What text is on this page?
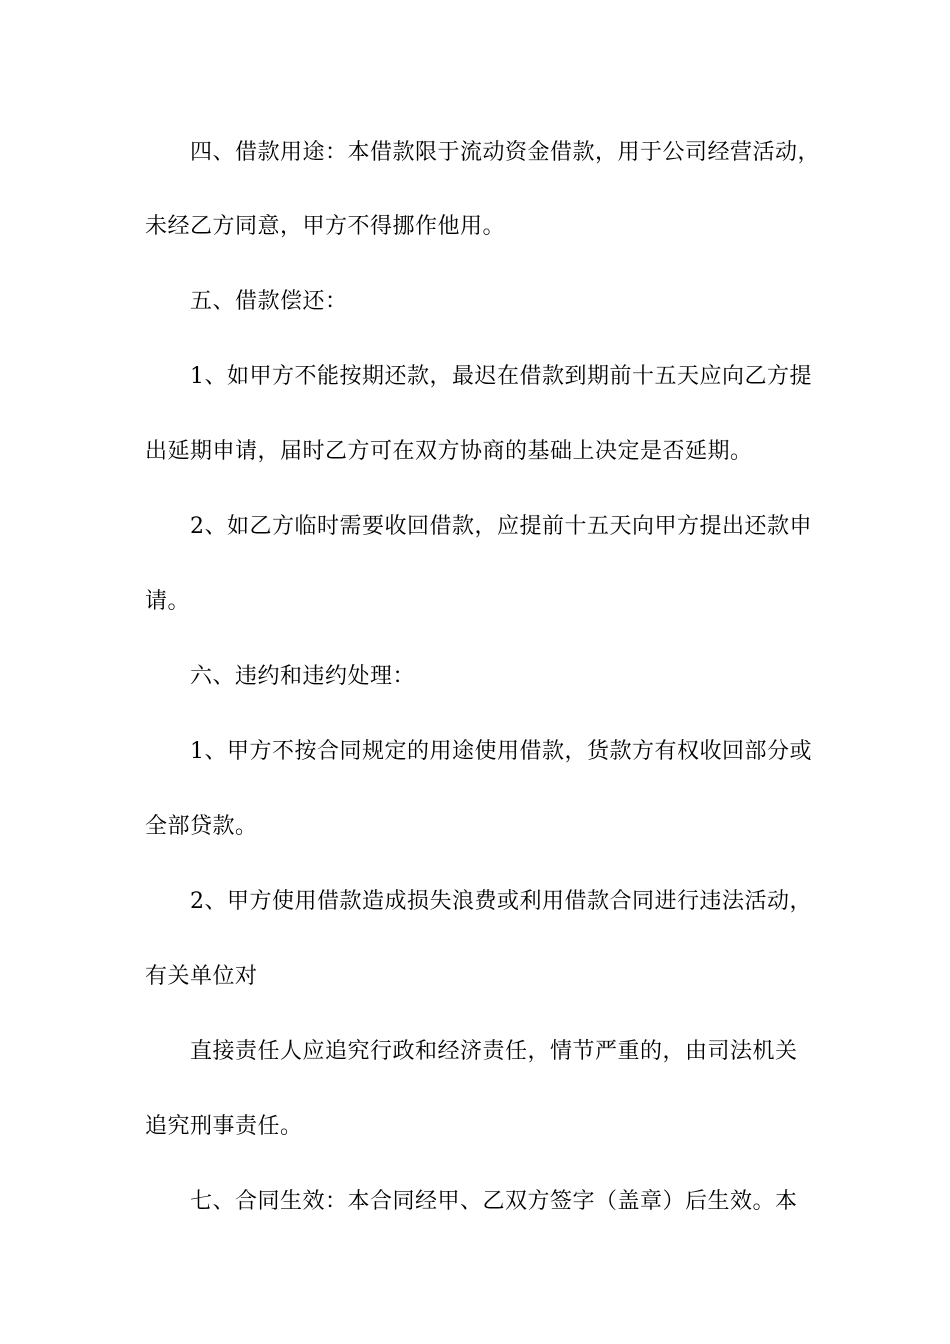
四、借款用途：本借款限于流动资金借款，用于公司经营活动，
未经乙方同意，甲方不得挪作他用。
五、借款偿还：
1、如甲方不能按期还款，最迟在借款到期前十五天应向乙方提
出延期申请，届时乙方可在双方协商的基础上决定是否延期。
2、如乙方临时需要收回借款，应提前十五天向甲方提出还款申
请。
六、违约和违约处理：
1、甲方不按合同规定的用途使用借款，货款方有权收回部分或
全部贷款。
2、甲方使用借款造成损失浪费或利用借款合同进行违法活动，
有关单位对
直接责任人应追究行政和经济责任，情节严重的，由司法机关
追究刑事责任。
七、合同生效：本合同经甲、乙双方签字（盖章）后生效。本
